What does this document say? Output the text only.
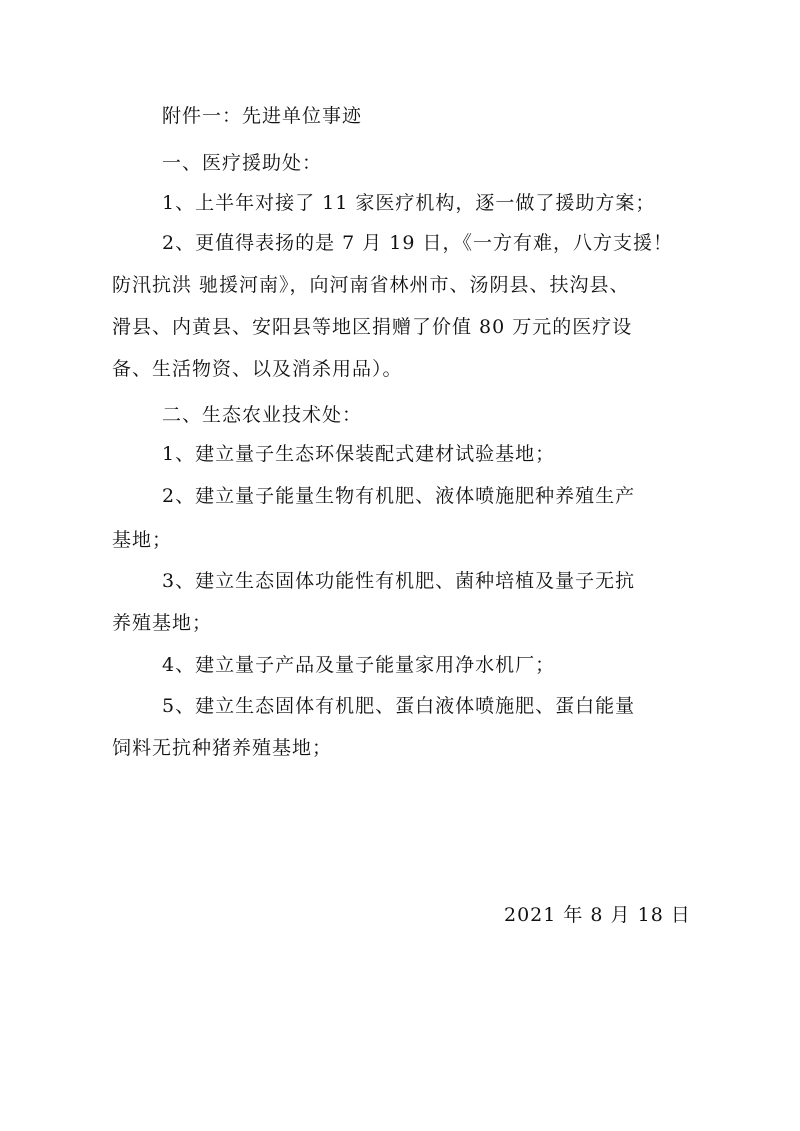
附件一：先进单位事迹
一、医疗援助处：
1、上半年对接了 11 家医疗机构，逐一做了援助方案；
2、更值得表扬的是 7 月 19 日，《一方有难，八方支援！
防汛抗洪 驰援河南》，向河南省林州市、汤阴县、扶沟县、
滑县、内黄县、安阳县等地区捐赠了价值 80 万元的医疗设
备、生活物资、以及消杀用品）。
二、生态农业技术处：
1、建立量子生态环保装配式建材试验基地；
2、建立量子能量生物有机肥、液体喷施肥种养殖生产
基地；
3、建立生态固体功能性有机肥、菌种培植及量子无抗
养殖基地；
4、建立量子产品及量子能量家用净水机厂；
5、建立生态固体有机肥、蛋白液体喷施肥、蛋白能量
饲料无抗种猪养殖基地；
2021 年 8 月 18 日
